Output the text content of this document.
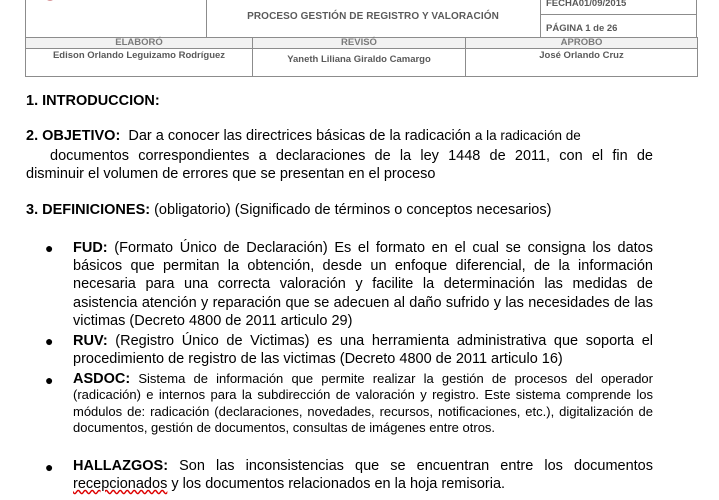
PROCESO GESTIÓN DE REGISTRO Y VALORACIÓN
FECHA01/09/2015
PÁGINA 1 de 26
ELABORÓ	REVISÓ	APROBO
Edison Orlando Leguizamo Rodríguez	Yaneth Liliana Giraldo Camargo	José Orlando Cruz
1. INTRODUCCION:
2. OBJETIVO: Dar a conocer las directrices básicas de la radicación a la radicación de
documentos correspondientes a declaraciones de la ley 1448 de 2011, con el fin de
disminuir el volumen de errores que se presentan en el proceso
3. DEFINICIONES: (obligatorio) (Significado de términos o conceptos necesarios)
● FUD: (Formato Único de Declaración) Es el formato en el cual se consigna los datos básicos que permitan la obtención, desde un enfoque diferencial, de la información necesaria para una correcta valoración y facilite la determinación las medidas de asistencia atención y reparación que se adecuen al daño sufrido y las necesidades de las victimas (Decreto 4800 de 2011 articulo 29)
● RUV: (Registro Único de Victimas) es una herramienta administrativa que soporta el procedimiento de registro de las victimas (Decreto 4800 de 2011 articulo 16)
● ASDOC: Sistema de información que permite realizar la gestión de procesos del operador (radicación) e internos para la subdirección de valoración y registro. Este sistema comprende los módulos de: radicación (declaraciones, novedades, recursos, notificaciones, etc.), digitalización de documentos, gestión de documentos, consultas de imágenes entre otros.
● HALLAZGOS: Son las inconsistencias que se encuentran entre los documentos recepcionados y los documentos relacionados en la hoja remisoria.
